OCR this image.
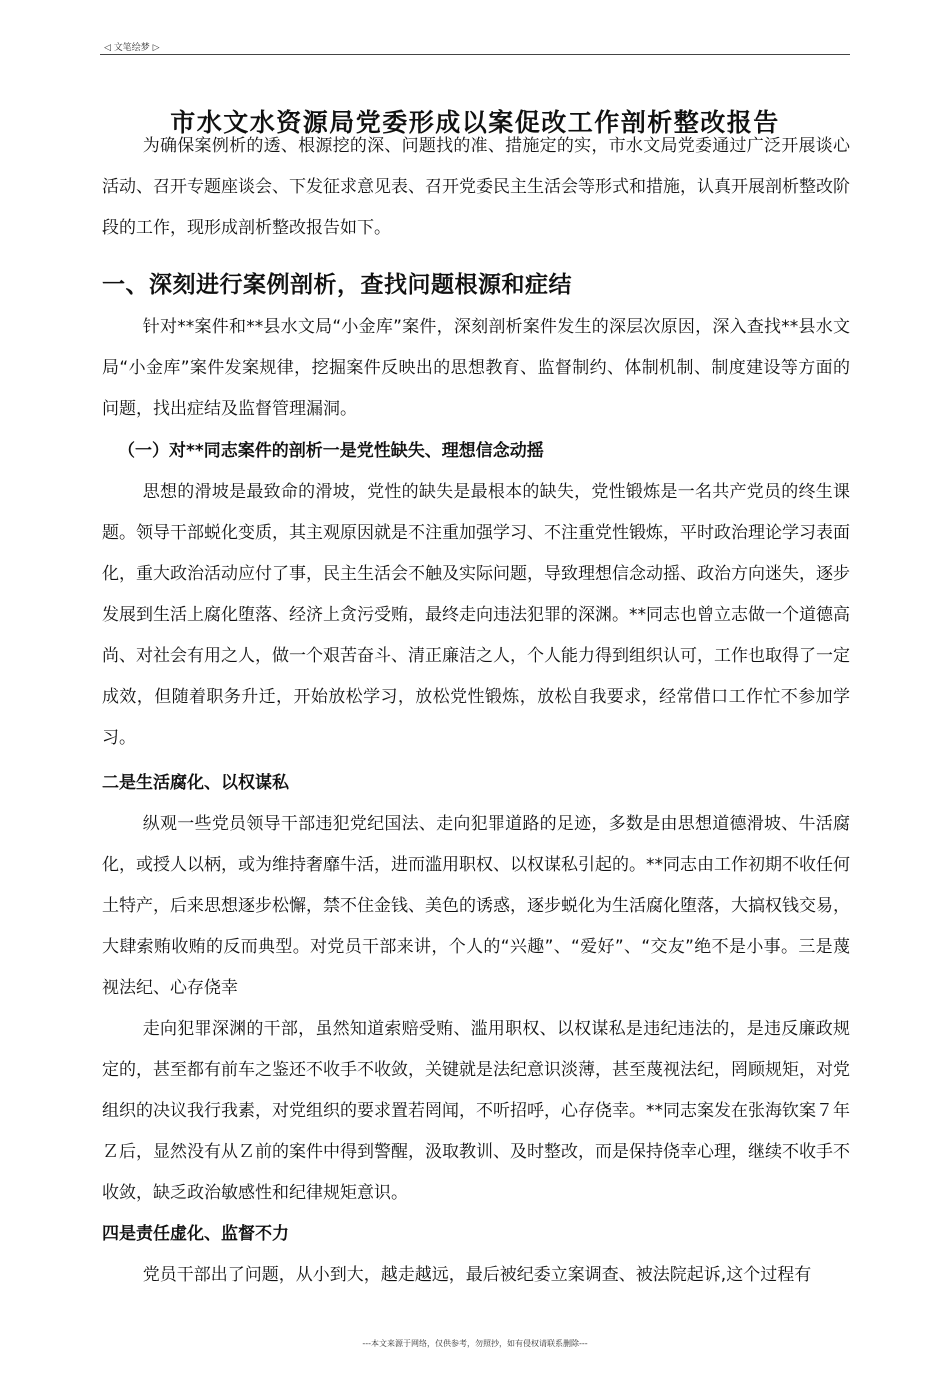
◁ 文笔绘梦 ▷
市水文水资源局党委形成以案促改工作剖析整改报告

为确保案例析的透、根源挖的深、问题找的准、措施定的实，市水文局党委通过广泛开展谈心活动、召开专题座谈会、下发征求意见表、召开党委民主生活会等形式和措施，认真开展剖析整改阶段的工作，现形成剖析整改报告如下。

一、深刻进行案例剖析，查找问题根源和症结

针对**案件和**县水文局“小金库”案件，深刻剖析案件发生的深层次原因，深入查找**县水文局“小金库”案件发案规律，挖掘案件反映出的思想教育、监督制约、体制机制、制度建设等方面的问题，找出症结及监督管理漏洞。

（一）对**同志案件的剖析一是党性缺失、理想信念动摇

思想的滑坡是最致命的滑坡，党性的缺失是最根本的缺失，党性锻炼是一名共产党员的终生课题。领导干部蜕化变质，其主观原因就是不注重加强学习、不注重党性锻炼，平时政治理论学习表面化，重大政治活动应付了事，民主生活会不触及实际问题，导致理想信念动摇、政治方向迷失，逐步发展到生活上腐化堕落、经济上贪污受贿，最终走向违法犯罪的深渊。**同志也曾立志做一个道德高尚、对社会有用之人，做一个艰苦奋斗、清正廉洁之人，个人能力得到组织认可，工作也取得了一定成效，但随着职务升迁，开始放松学习，放松党性锻炼，放松自我要求，经常借口工作忙不参加学习。

二是生活腐化、以权谋私

纵观一些党员领导干部违犯党纪国法、走向犯罪道路的足迹，多数是由思想道德滑坡、牛活腐化，或授人以柄，或为维持奢靡牛活，进而滥用职权、以权谋私引起的。**同志由工作初期不收任何土特产，后来思想逐步松懈，禁不住金钱、美色的诱惑，逐步蜕化为生活腐化堕落，大搞权钱交易，大肆索贿收贿的反而典型。对党员干部来讲，个人的“兴趣”、“爱好”、“交友”绝不是小事。三是蔑视法纪、心存侥幸

走向犯罪深渊的干部，虽然知道索赔受贿、滥用职权、以权谋私是违纪违法的，是违反廉政规定的，甚至都有前车之鉴还不收手不收敛，关键就是法纪意识淡薄，甚至蔑视法纪，罔顾规矩，对党组织的决议我行我素，对党组织的要求置若罔闻，不听招呼，心存侥幸。**同志案发在张海钦案７年Ｚ后，显然没有从Ｚ前的案件中得到警醒，汲取教训、及时整改，而是保持侥幸心理，继续不收手不收敛，缺乏政治敏感性和纪律规矩意识。

四是责任虚化、监督不力

党员干部出了问题，从小到大，越走越远，最后被纪委立案调查、被法院起诉,这个过程有

---本文来源于网络，仅供参考，勿照抄，如有侵权请联系删除---
